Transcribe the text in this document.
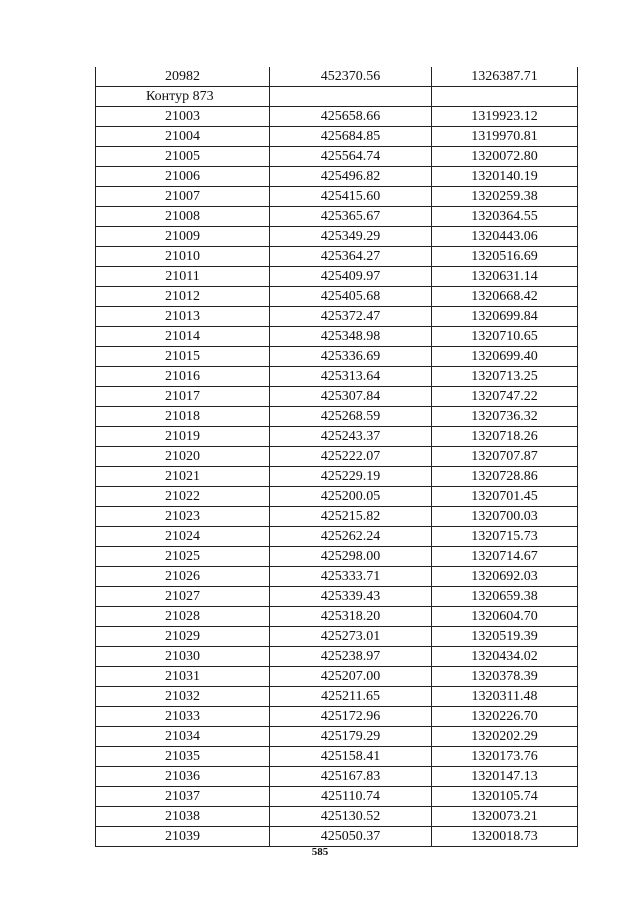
20982	452370.56	1326387.71
Контур 873		
21003	425658.66	1319923.12
21004	425684.85	1319970.81
21005	425564.74	1320072.80
21006	425496.82	1320140.19
21007	425415.60	1320259.38
21008	425365.67	1320364.55
21009	425349.29	1320443.06
21010	425364.27	1320516.69
21011	425409.97	1320631.14
21012	425405.68	1320668.42
21013	425372.47	1320699.84
21014	425348.98	1320710.65
21015	425336.69	1320699.40
21016	425313.64	1320713.25
21017	425307.84	1320747.22
21018	425268.59	1320736.32
21019	425243.37	1320718.26
21020	425222.07	1320707.87
21021	425229.19	1320728.86
21022	425200.05	1320701.45
21023	425215.82	1320700.03
21024	425262.24	1320715.73
21025	425298.00	1320714.67
21026	425333.71	1320692.03
21027	425339.43	1320659.38
21028	425318.20	1320604.70
21029	425273.01	1320519.39
21030	425238.97	1320434.02
21031	425207.00	1320378.39
21032	425211.65	1320311.48
21033	425172.96	1320226.70
21034	425179.29	1320202.29
21035	425158.41	1320173.76
21036	425167.83	1320147.13
21037	425110.74	1320105.74
21038	425130.52	1320073.21
21039	425050.37	1320018.73
585
